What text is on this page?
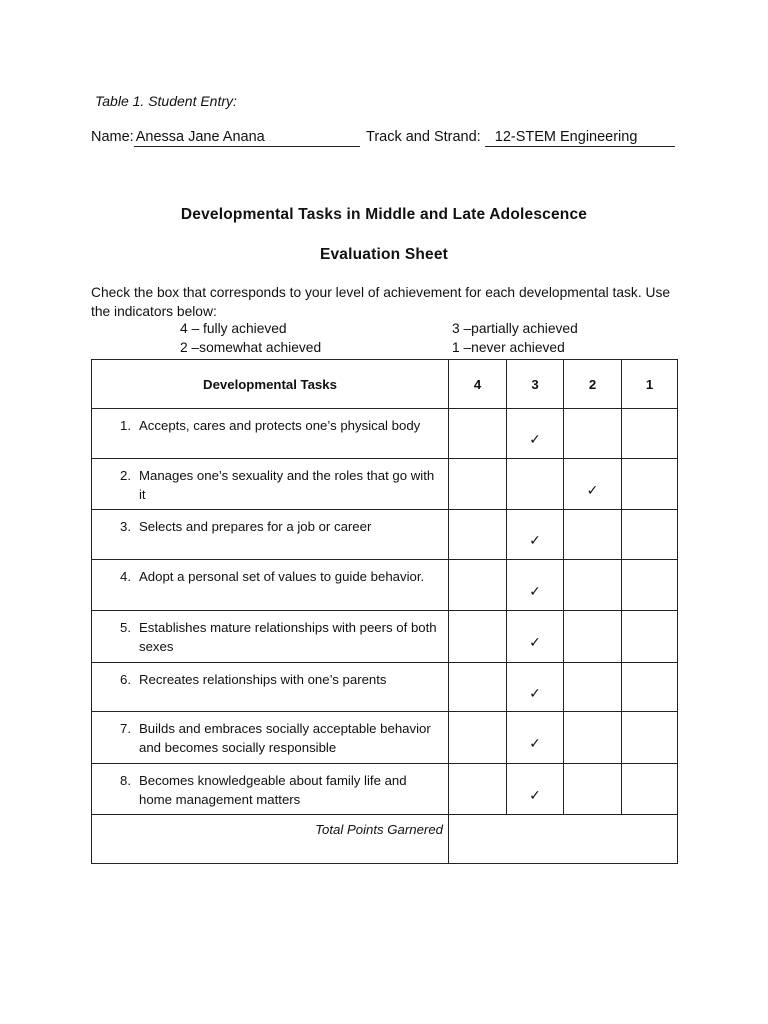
Table 1. Student Entry:
Name: Anessa Jane Anana	Track and Strand: 12-STEM Engineering
Developmental Tasks in Middle and Late Adolescence
Evaluation Sheet
Check the box that corresponds to your level of achievement for each developmental task. Use the indicators below:
4 – fully achieved	3 –partially achieved
2 –somewhat achieved	1 –never achieved
Developmental Tasks	4	3	2	1
1. Accepts, cares and protects one’s physical body		✓		
2. Manages one’s sexuality and the roles that go with it			✓	
3. Selects and prepares for a job or career		✓		
4. Adopt a personal set of values to guide behavior.		✓		
5. Establishes mature relationships with peers of both sexes		✓		
6. Recreates relationships with one’s parents		✓		
7. Builds and embraces socially acceptable behavior and becomes socially responsible		✓		
8. Becomes knowledgeable about family life and home management matters		✓		
Total Points Garnered				
